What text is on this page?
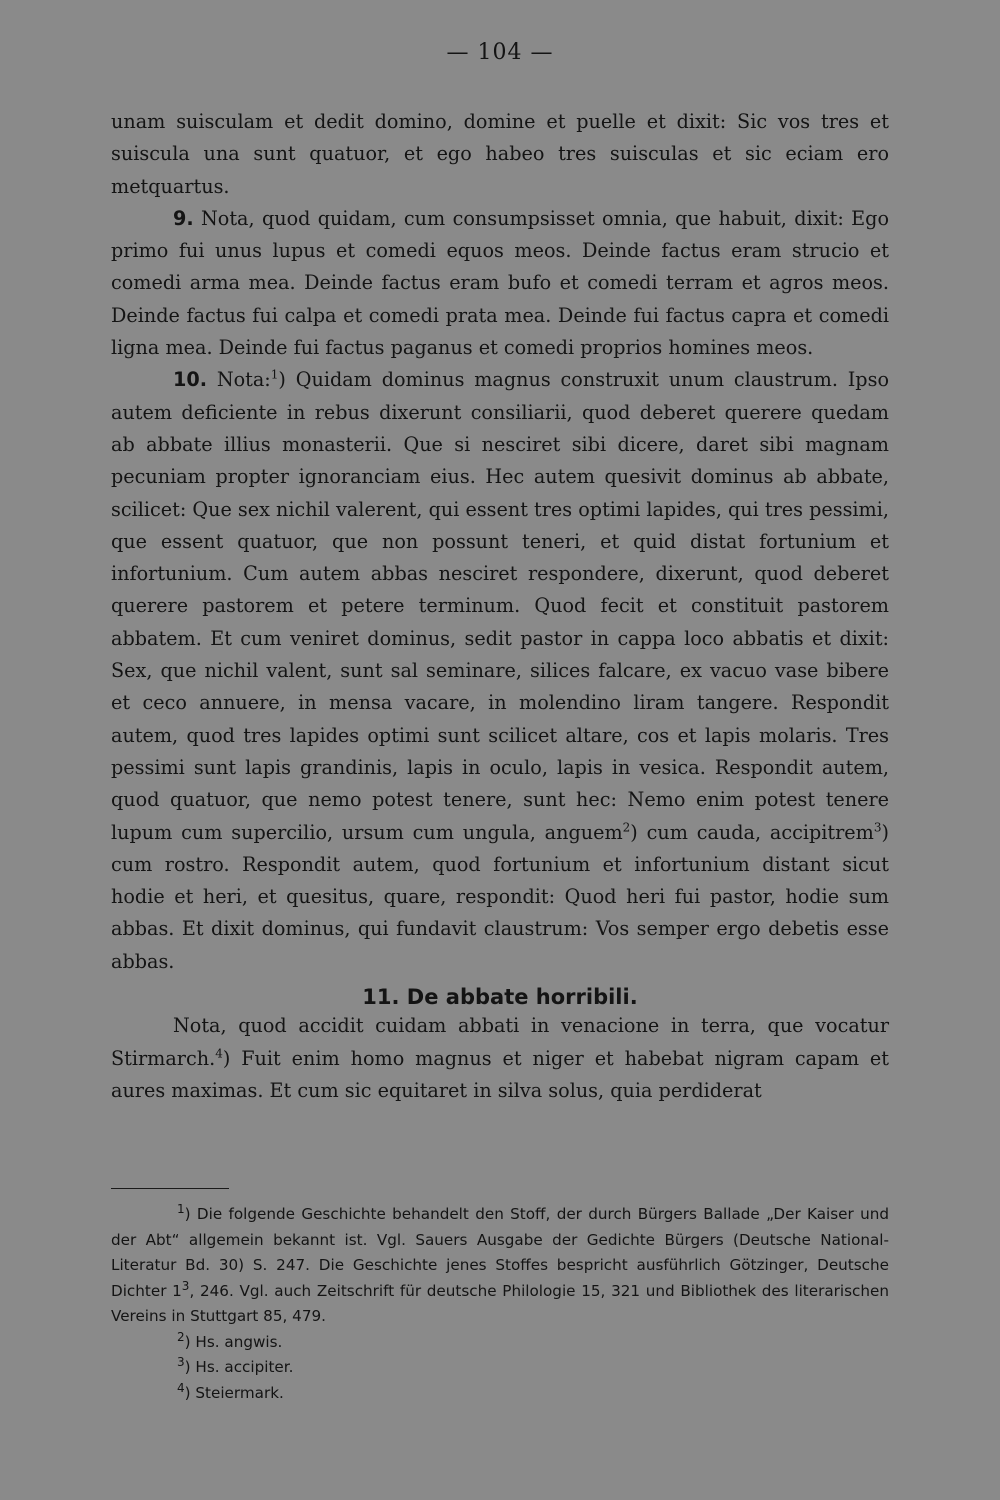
— 104 —

unam suisculam et dedit domino, domine et puelle et dixit: Sic vos tres et suiscula una sunt quatuor, et ego habeo tres suisculas et sic eciam ero metquartus.

9. Nota, quod quidam, cum consumpsisset omnia, que habuit, dixit: Ego primo fui unus lupus et comedi equos meos. Deinde factus eram strucio et comedi arma mea. Deinde factus eram bufo et comedi terram et agros meos. Deinde factus fui calpa et comedi prata mea. Deinde fui factus capra et comedi ligna mea. Deinde fui factus paganus et comedi proprios homines meos.

10. Nota:$^1$) Quidam dominus magnus construxit unum claustrum. Ipso autem deficiente in rebus dixerunt consiliarii, quod deberet querere quedam ab abbate illius monasterii. Que si nesciret sibi dicere, daret sibi magnam pecuniam propter ignoranciam eius. Hec autem quesivit dominus ab abbate, scilicet: Que sex nichil valerent, qui essent tres optimi lapides, qui tres pessimi, que essent quatuor, que non possunt teneri, et quid distat fortunium et infortunium. Cum autem abbas nesciret respondere, dixerunt, quod deberet querere pastorem et petere terminum. Quod fecit et constituit pastorem abbatem. Et cum veniret dominus, sedit pastor in cappa loco abbatis et dixit: Sex, que nichil valent, sunt sal seminare, silices falcare, ex vacuo vase bibere et ceco annuere, in mensa vacare, in molendino liram tangere. Respondit autem, quod tres lapides optimi sunt scilicet altare, cos et lapis molaris. Tres pessimi sunt lapis grandinis, lapis in oculo, lapis in vesica. Respondit autem, quod quatuor, que nemo potest tenere, sunt hec: Nemo enim potest tenere lupum cum supercilio, ursum cum ungula, anguem$^2$) cum cauda, accipitrem$^3$) cum rostro. Respondit autem, quod fortunium et infortunium distant sicut hodie et heri, et quesitus, quare, respondit: Quod heri fui pastor, hodie sum abbas. Et dixit dominus, qui fundavit claustrum: Vos semper ergo debetis esse abbas.

11. De abbate horribili.

Nota, quod accidit cuidam abbati in venacione in terra, que vocatur Stirmarch.$^4$) Fuit enim homo magnus et niger et habebat nigram capam et aures maximas. Et cum sic equitaret in silva solus, quia perdiderat

$^1$) Die folgende Geschichte behandelt den Stoff, der durch Bürgers Ballade „Der Kaiser und der Abt“ allgemein bekannt ist. Vgl. Sauers Ausgabe der Gedichte Bürgers (Deutsche National-Literatur Bd. 30) S. 247. Die Geschichte jenes Stoffes bespricht ausführlich Götzinger, Deutsche Dichter $1^3$, 246. Vgl. auch Zeitschrift für deutsche Philologie 15, 321 und Bibliothek des literarischen Vereins in Stuttgart 85, 479.

$^2$) Hs. angwis.

$^3$) Hs. accipiter.

$^4$) Steiermark.
